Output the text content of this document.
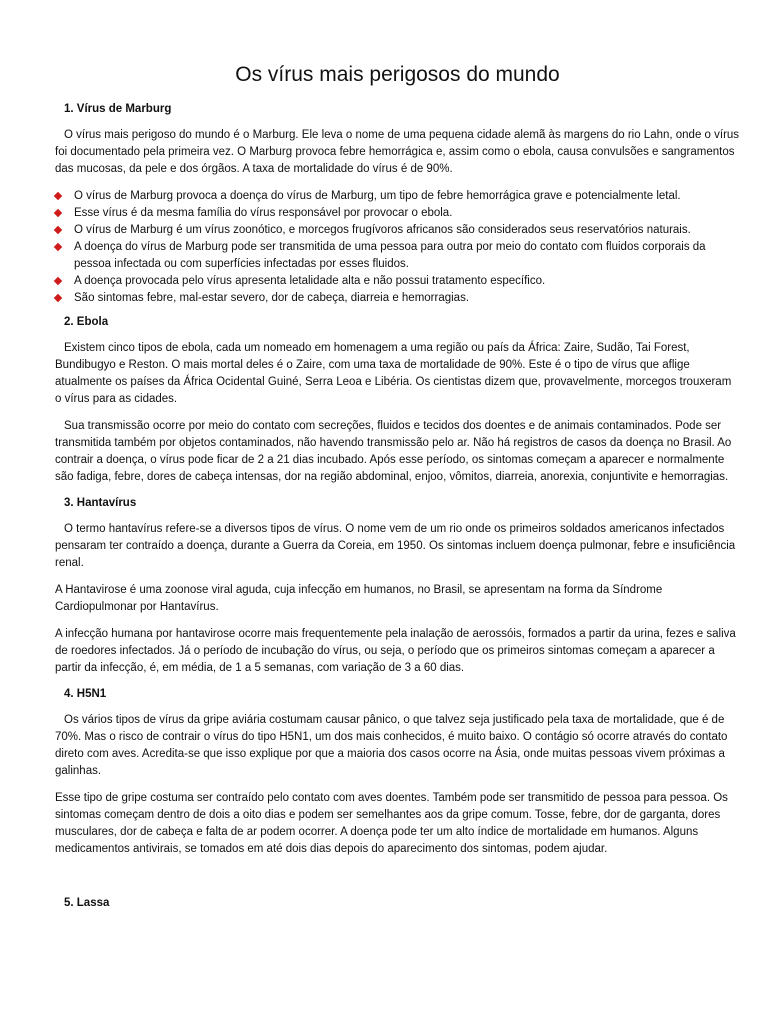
Os vírus mais perigosos do mundo
1. Vírus de Marburg

O vírus mais perigoso do mundo é o Marburg. Ele leva o nome de uma pequena cidade alemã às margens do rio Lahn, onde o vírus foi documentado pela primeira vez. O Marburg provoca febre hemorrágica e, assim como o ebola, causa convulsões e sangramentos das mucosas, da pele e dos órgãos. A taxa de mortalidade do vírus é de 90%.

O vírus de Marburg provoca a doença do vírus de Marburg, um tipo de febre hemorrágica grave e potencialmente letal.
Esse vírus é da mesma família do vírus responsável por provocar o ebola.
O vírus de Marburg é um vírus zoonótico, e morcegos frugívoros africanos são considerados seus reservatórios naturais.
A doença do vírus de Marburg pode ser transmitida de uma pessoa para outra por meio do contato com fluidos corporais da pessoa infectada ou com superfícies infectadas por esses fluidos.
A doença provocada pelo vírus apresenta letalidade alta e não possui tratamento específico.
São sintomas febre, mal-estar severo, dor de cabeça, diarreia e hemorragias.
2. Ebola

Existem cinco tipos de ebola, cada um nomeado em homenagem a uma região ou país da África: Zaire, Sudão, Tai Forest, Bundibugyo e Reston. O mais mortal deles é o Zaire, com uma taxa de mortalidade de 90%. Este é o tipo de vírus que aflige atualmente os países da África Ocidental Guiné, Serra Leoa e Libéria. Os cientistas dizem que, provavelmente, morcegos trouxeram o vírus para as cidades.

Sua transmissão ocorre por meio do contato com secreções, fluidos e tecidos dos doentes e de animais contaminados. Pode ser transmitida também por objetos contaminados, não havendo transmissão pelo ar. Não há registros de casos da doença no Brasil. Ao contrair a doença, o vírus pode ficar de 2 a 21 dias incubado. Após esse período, os sintomas começam a aparecer e normalmente são fadiga, febre, dores de cabeça intensas, dor na região abdominal, enjoo, vômitos, diarreia, anorexia, conjuntivite e hemorragias.

3. Hantavírus

O termo hantavírus refere-se a diversos tipos de vírus. O nome vem de um rio onde os primeiros soldados americanos infectados pensaram ter contraído a doença, durante a Guerra da Coreia, em 1950. Os sintomas incluem doença pulmonar, febre e insuficiência renal.

A Hantavirose é uma zoonose viral aguda, cuja infecção em humanos, no Brasil, se apresentam na forma da Síndrome Cardiopulmonar por Hantavírus.

A infecção humana por hantavirose ocorre mais frequentemente pela inalação de aerossóis, formados a partir da urina, fezes e saliva de roedores infectados. Já o período de incubação do vírus, ou seja, o período que os primeiros sintomas começam a aparecer a partir da infecção, é, em média, de 1 a 5 semanas, com variação de 3 a 60 dias.

4. H5N1

Os vários tipos de vírus da gripe aviária costumam causar pânico, o que talvez seja justificado pela taxa de mortalidade, que é de 70%. Mas o risco de contrair o vírus do tipo H5N1, um dos mais conhecidos, é muito baixo. O contágio só ocorre através do contato direto com aves. Acredita-se que isso explique por que a maioria dos casos ocorre na Ásia, onde muitas pessoas vivem próximas a galinhas.

Esse tipo de gripe costuma ser contraído pelo contato com aves doentes. Também pode ser transmitido de pessoa para pessoa. Os sintomas começam dentro de dois a oito dias e podem ser semelhantes aos da gripe comum. Tosse, febre, dor de garganta, dores musculares, dor de cabeça e falta de ar podem ocorrer. A doença pode ter um alto índice de mortalidade em humanos. Alguns medicamentos antivirais, se tomados em até dois dias depois do aparecimento dos sintomas, podem ajudar.

5. Lassa
